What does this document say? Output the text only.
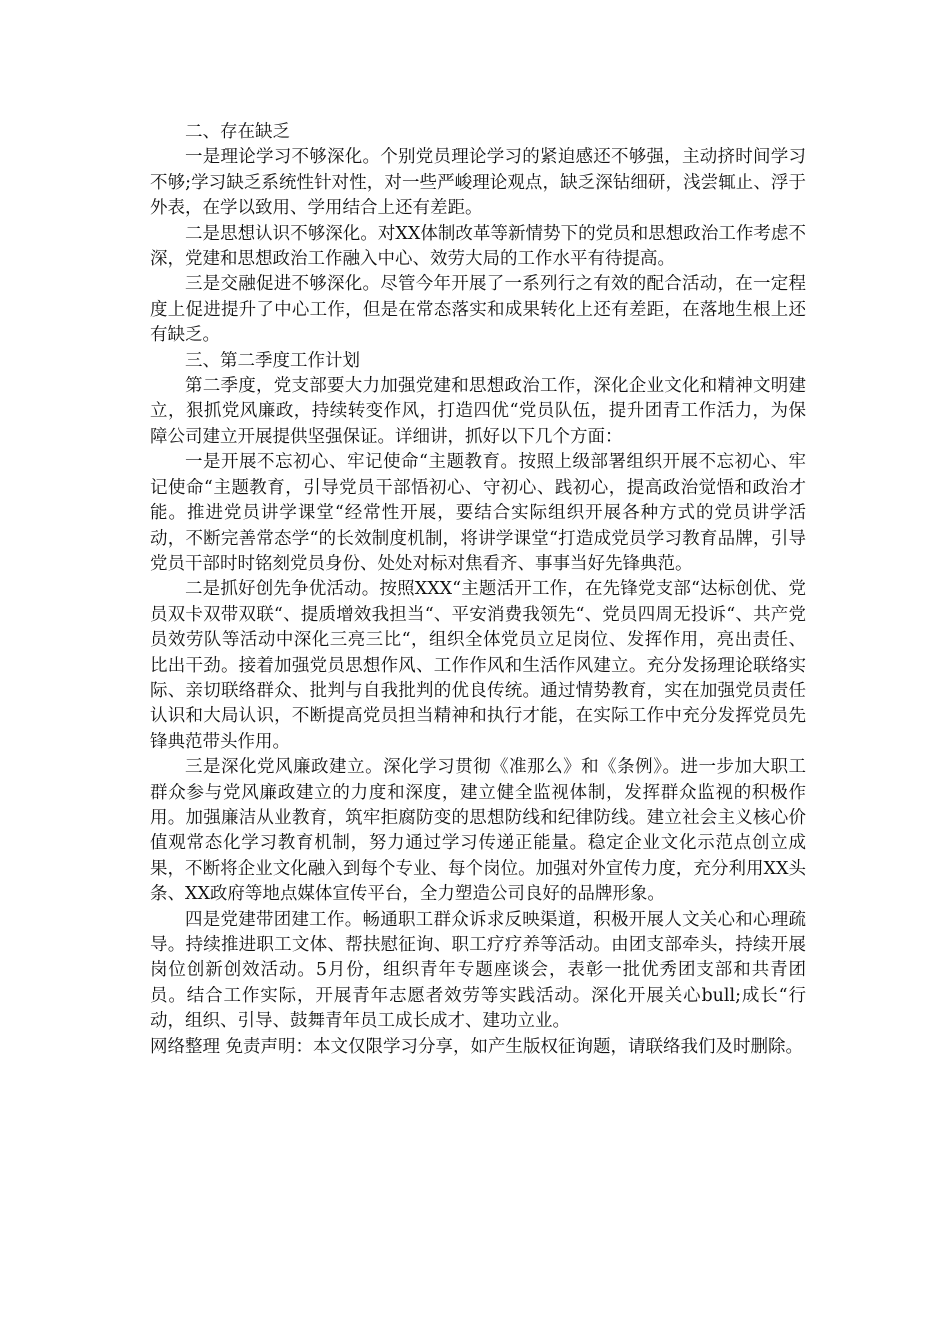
二、存在缺乏

一是理论学习不够深化。个别党员理论学习的紧迫感还不够强，主动挤时间学习不够;学习缺乏系统性针对性，对一些严峻理论观点，缺乏深钻细研，浅尝辄止、浮于外表，在学以致用、学用结合上还有差距。

二是思想认识不够深化。对XX体制改革等新情势下的党员和思想政治工作考虑不深，党建和思想政治工作融入中心、效劳大局的工作水平有待提高。

三是交融促进不够深化。尽管今年开展了一系列行之有效的配合活动，在一定程度上促进提升了中心工作，但是在常态落实和成果转化上还有差距，在落地生根上还有缺乏。

三、第二季度工作计划

第二季度，党支部要大力加强党建和思想政治工作，深化企业文化和精神文明建立，狠抓党风廉政，持续转变作风，打造四优“党员队伍，提升团青工作活力，为保障公司建立开展提供坚强保证。详细讲，抓好以下几个方面：

一是开展不忘初心、牢记使命“主题教育。按照上级部署组织开展不忘初心、牢记使命“主题教育，引导党员干部悟初心、守初心、践初心，提高政治觉悟和政治才能。推进党员讲学课堂“经常性开展，要结合实际组织开展各种方式的党员讲学活动，不断完善常态学“的长效制度机制，将讲学课堂“打造成党员学习教育品牌，引导党员干部时时铭刻党员身份、处处对标对焦看齐、事事当好先锋典范。

二是抓好创先争优活动。按照XXX“主题活开工作，在先锋党支部“达标创优、党员双卡双带双联“、提质增效我担当“、平安消费我领先“、党员四周无投诉“、共产党员效劳队等活动中深化三亮三比“，组织全体党员立足岗位、发挥作用，亮出责任、比出干劲。接着加强党员思想作风、工作作风和生活作风建立。充分发扬理论联络实际、亲切联络群众、批判与自我批判的优良传统。通过情势教育，实在加强党员责任认识和大局认识，不断提高党员担当精神和执行才能，在实际工作中充分发挥党员先锋典范带头作用。

三是深化党风廉政建立。深化学习贯彻《准那么》和《条例》。进一步加大职工群众参与党风廉政建立的力度和深度，建立健全监视体制，发挥群众监视的积极作用。加强廉洁从业教育，筑牢拒腐防变的思想防线和纪律防线。建立社会主义核心价值观常态化学习教育机制，努力通过学习传递正能量。稳定企业文化示范点创立成果，不断将企业文化融入到每个专业、每个岗位。加强对外宣传力度，充分利用XX头条、XX政府等地点媒体宣传平台，全力塑造公司良好的品牌形象。

四是党建带团建工作。畅通职工群众诉求反映渠道，积极开展人文关心和心理疏导。持续推进职工文体、帮扶慰征询、职工疗疗养等活动。由团支部牵头，持续开展岗位创新创效活动。5月份，组织青年专题座谈会，表彰一批优秀团支部和共青团员。结合工作实际，开展青年志愿者效劳等实践活动。深化开展关心bull;成长“行动，组织、引导、鼓舞青年员工成长成才、建功立业。

网络整理 免责声明：本文仅限学习分享，如产生版权征询题，请联络我们及时删除。
